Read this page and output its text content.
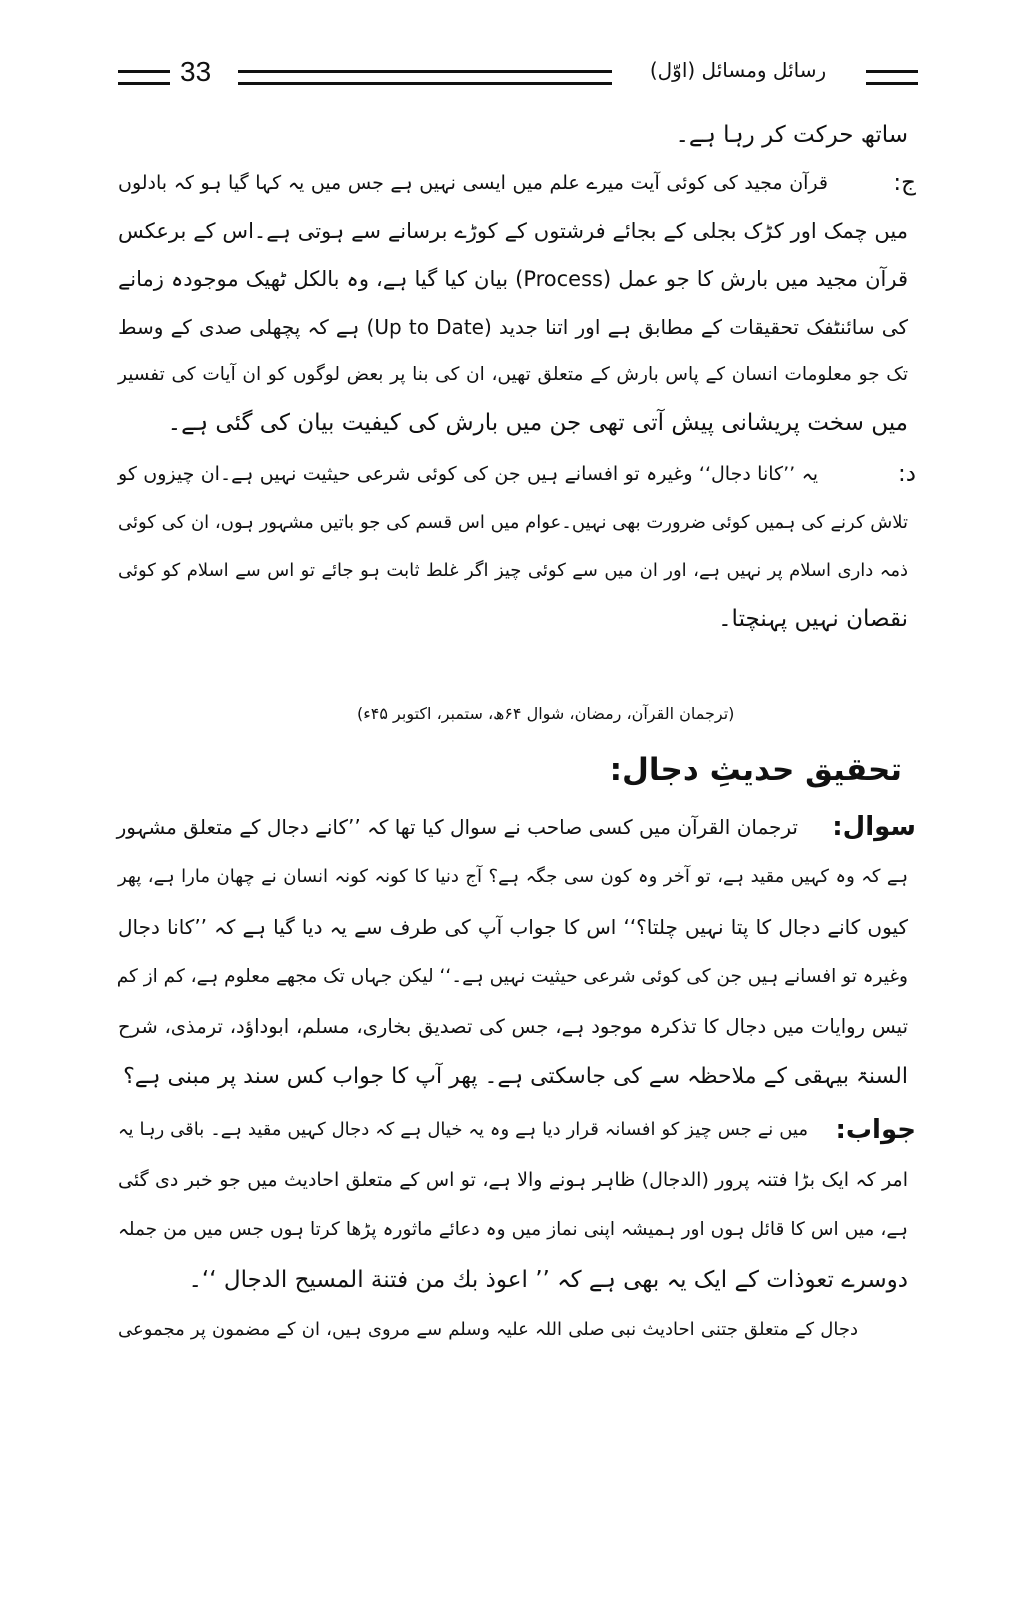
33	رسائل ومسائل (اوّل)
ساتھ حرکت کر رہا ہے۔
ج:
قرآن مجید کی کوئی آیت میرے علم میں ایسی نہیں ہے جس میں یہ کہا گیا ہو کہ بادلوں
میں چمک اور کڑک بجلی کے بجائے فرشتوں کے کوڑے برسانے سے ہوتی ہے۔اس کے برعکس
قرآن مجید میں بارش کا جو عمل (Process) بیان کیا گیا ہے، وہ بالکل ٹھیک موجودہ زمانے
کی سائنٹفک تحقیقات کے مطابق ہے اور اتنا جدید (Up to Date) ہے کہ پچھلی صدی کے وسط
تک جو معلومات انسان کے پاس بارش کے متعلق تھیں، ان کی بنا پر بعض لوگوں کو ان آیات کی تفسیر
میں سخت پریشانی پیش آتی تھی جن میں بارش کی کیفیت بیان کی گئی ہے۔
د:
یہ ’’کانا دجال‘‘ وغیرہ تو افسانے ہیں جن کی کوئی شرعی حیثیت نہیں ہے۔ان چیزوں کو
تلاش کرنے کی ہمیں کوئی ضرورت بھی نہیں۔عوام میں اس قسم کی جو باتیں مشہور ہوں، ان کی کوئی
ذمہ داری اسلام پر نہیں ہے، اور ان میں سے کوئی چیز اگر غلط ثابت ہو جائے تو اس سے اسلام کو کوئی
نقصان نہیں پہنچتا۔
(ترجمان القرآن، رمضان، شوال ۶۴ھ، ستمبر، اکتوبر ۴۵ء)
تحقیق حدیثِ دجال:
سوال:
ترجمان القرآن میں کسی صاحب نے سوال کیا تھا کہ ’’کانے دجال کے متعلق مشہور
ہے کہ وہ کہیں مقید ہے، تو آخر وہ کون سی جگہ ہے؟ آج دنیا کا کونہ کونہ انسان نے چھان مارا ہے، پھر
کیوں کانے دجال کا پتا نہیں چلتا؟‘‘ اس کا جواب آپ کی طرف سے یہ دیا گیا ہے کہ ’’کانا دجال
وغیرہ تو افسانے ہیں جن کی کوئی شرعی حیثیت نہیں ہے۔‘‘ لیکن جہاں تک مجھے معلوم ہے، کم از کم
تیس روایات میں دجال کا تذکرہ موجود ہے، جس کی تصدیق بخاری، مسلم، ابوداؤد، ترمذی، شرح
السنۃ بیہقی کے ملاحظہ سے کی جاسکتی ہے۔ پھر آپ کا جواب کس سند پر مبنی ہے؟
جواب:
میں نے جس چیز کو افسانہ قرار دیا ہے وہ یہ خیال ہے کہ دجال کہیں مقید ہے۔ باقی رہا یہ
امر کہ ایک بڑا فتنہ پرور (الدجال) ظاہر ہونے والا ہے، تو اس کے متعلق احادیث میں جو خبر دی گئی
ہے، میں اس کا قائل ہوں اور ہمیشہ اپنی نماز میں وہ دعائے ماثورہ پڑھا کرتا ہوں جس میں من جملہ
دوسرے تعوذات کے ایک یہ بھی ہے کہ ’’ اعوذ بك من فتنة المسيح الدجال ‘‘۔
دجال کے متعلق جتنی احادیث نبی صلی اللہ علیہ وسلم سے مروی ہیں، ان کے مضمون پر مجموعی
